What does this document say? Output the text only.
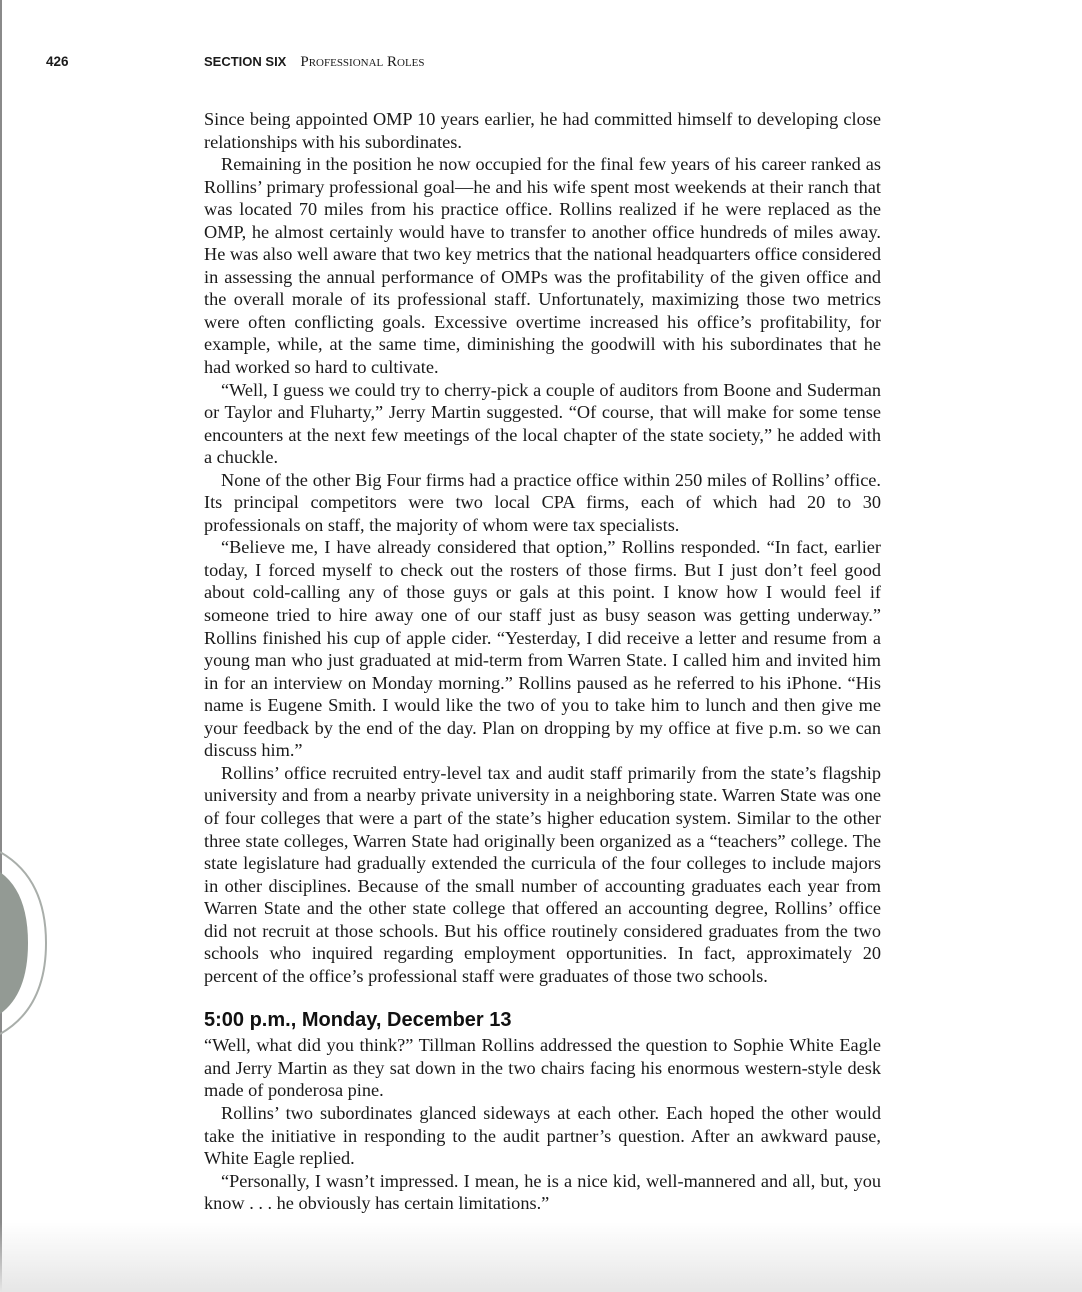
426	SECTION SIX Professional Roles

Since being appointed OMP 10 years earlier, he had committed himself to developing close relationships with his subordinates.

Remaining in the position he now occupied for the final few years of his career ranked as Rollins’ primary professional goal—he and his wife spent most weekends at their ranch that was located 70 miles from his practice office. Rollins realized if he were replaced as the OMP, he almost certainly would have to transfer to another office hundreds of miles away. He was also well aware that two key metrics that the national headquarters office considered in assessing the annual performance of OMPs was the profitability of the given office and the overall morale of its professional staff. Unfortunately, maximizing those two metrics were often conflicting goals. Excessive overtime increased his office’s profitability, for example, while, at the same time, diminishing the goodwill with his subordinates that he had worked so hard to cultivate.

“Well, I guess we could try to cherry-pick a couple of auditors from Boone and Suderman or Taylor and Fluharty,” Jerry Martin suggested. “Of course, that will make for some tense encounters at the next few meetings of the local chapter of the state society,” he added with a chuckle.

None of the other Big Four firms had a practice office within 250 miles of Rollins’ office. Its principal competitors were two local CPA firms, each of which had 20 to 30 professionals on staff, the majority of whom were tax specialists.

“Believe me, I have already considered that option,” Rollins responded. “In fact, earlier today, I forced myself to check out the rosters of those firms. But I just don’t feel good about cold-calling any of those guys or gals at this point. I know how I would feel if someone tried to hire away one of our staff just as busy season was getting underway.” Rollins finished his cup of apple cider. “Yesterday, I did receive a letter and resume from a young man who just graduated at mid-term from Warren State. I called him and invited him in for an interview on Monday morning.” Rollins paused as he referred to his iPhone. “His name is Eugene Smith. I would like the two of you to take him to lunch and then give me your feedback by the end of the day. Plan on dropping by my office at five p.m. so we can discuss him.”

Rollins’ office recruited entry-level tax and audit staff primarily from the state’s flagship university and from a nearby private university in a neighboring state. Warren State was one of four colleges that were a part of the state’s higher education system. Similar to the other three state colleges, Warren State had originally been organized as a “teachers” college. The state legislature had gradually extended the curricula of the four colleges to include majors in other disciplines. Because of the small number of accounting graduates each year from Warren State and the other state college that offered an accounting degree, Rollins’ office did not recruit at those schools. But his office routinely considered graduates from the two schools who inquired regarding employment opportunities. In fact, approximately 20 percent of the office’s professional staff were graduates of those two schools.

5:00 p.m., Monday, December 13

“Well, what did you think?” Tillman Rollins addressed the question to Sophie White Eagle and Jerry Martin as they sat down in the two chairs facing his enormous western-style desk made of ponderosa pine.

Rollins’ two subordinates glanced sideways at each other. Each hoped the other would take the initiative in responding to the audit partner’s question. After an awkward pause, White Eagle replied.

“Personally, I wasn’t impressed. I mean, he is a nice kid, well-mannered and all, but, you know . . . he obviously has certain limitations.”
